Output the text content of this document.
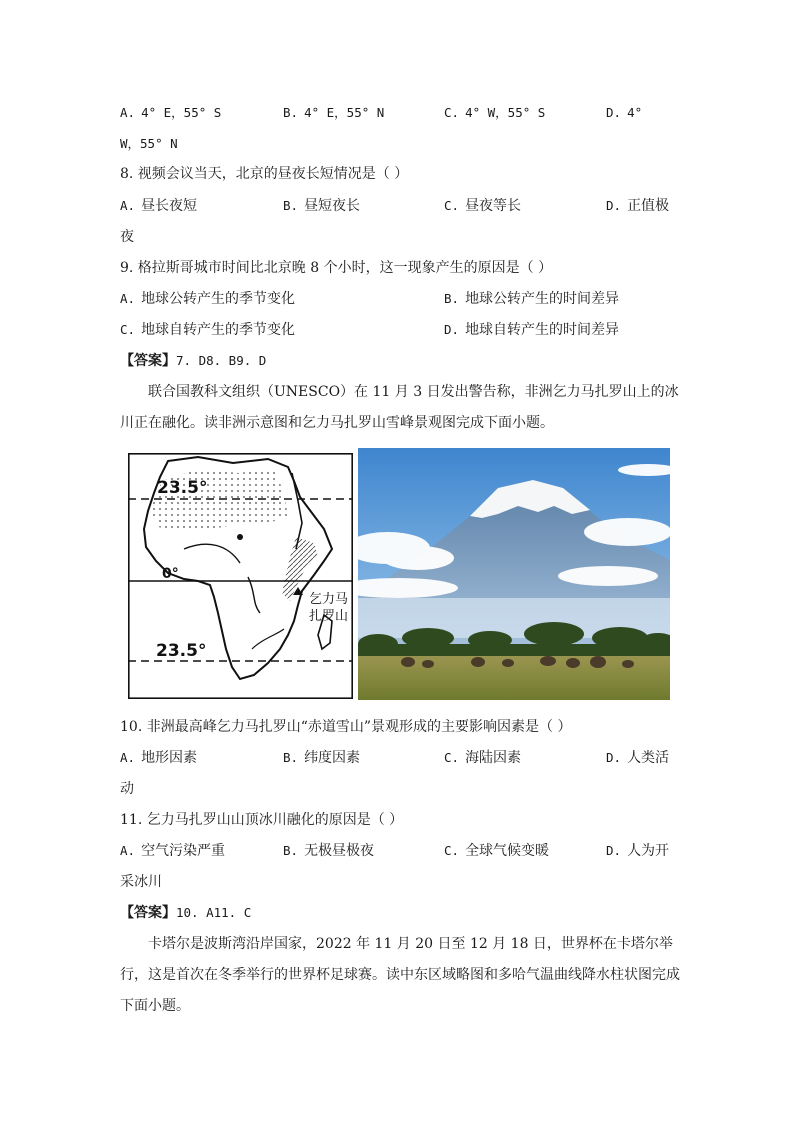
A. 4° E，55° S	B. 4° E，55° N	C. 4° W，55° S	D. 4°
W，55° N
8. 视频会议当天，北京的昼夜长短情况是（ ）
A. 昼长夜短	B. 昼短夜长	C. 昼夜等长	D. 正值极
夜
9. 格拉斯哥城市时间比北京晚 8 个小时，这一现象产生的原因是（ ）
A. 地球公转产生的季节变化	B. 地球公转产生的时间差异
C. 地球自转产生的季节变化	D. 地球自转产生的时间差异
【答案】7. D8. B9. D
联合国教科文组织（UNESCO）在 11 月 3 日发出警告称，非洲乞力马扎罗山上的冰川正在融化。读非洲示意图和乞力马扎罗山雪峰景观图完成下面小题。
23.5°
0°
23.5°
乞力马
扎罗山
10. 非洲最高峰乞力马扎罗山“赤道雪山”景观形成的主要影响因素是（ ）
A. 地形因素	B. 纬度因素	C. 海陆因素	D. 人类活
动
11. 乞力马扎罗山山顶冰川融化的原因是（ ）
A. 空气污染严重	B. 无极昼极夜	C. 全球气候变暖	D. 人为开
采冰川
【答案】10. A11. C
卡塔尔是波斯湾沿岸国家，2022 年 11 月 20 日至 12 月 18 日，世界杯在卡塔尔举行，这是首次在冬季举行的世界杯足球赛。读中东区域略图和多哈气温曲线降水柱状图完成下面小题。
